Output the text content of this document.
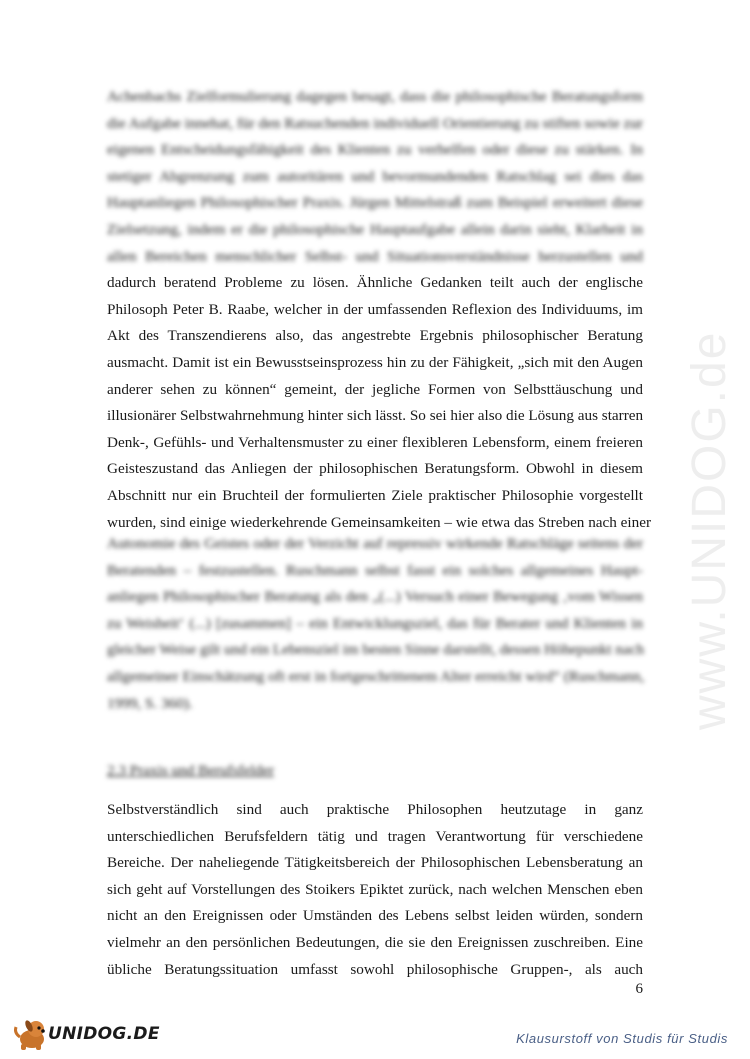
www.UNIDOG.de
Achenbachs Zielformulierung dagegen besagt, dass die philosophische Beratungsform
die Aufgabe innehat, für den Ratsuchenden individuell Orientierung zu stiften sowie zur
eigenen Entscheidungsfähigkeit des Klienten zu verhelfen oder diese zu stärken. In
stetiger Abgrenzung zum autoritären und bevormundenden Ratschlag sei dies das
Hauptanliegen Philosophischer Praxis. Jürgen Mittelstraß zum Beispiel erweitert diese
Zielsetzung, indem er die philosophische Hauptaufgabe allein darin sieht, Klarheit in
allen Bereichen menschlicher Selbst- und Situationsverständnisse herzustellen und
dadurch beratend Probleme zu lösen. Ähnliche Gedanken teilt auch der englische
Philosoph Peter B. Raabe, welcher in der umfassenden Reflexion des Individuums, im
Akt des Transzendierens also, das angestrebte Ergebnis philosophischer Beratung
ausmacht. Damit ist ein Bewusstseinsprozess hin zu der Fähigkeit, „sich mit den Augen
anderer sehen zu können“ gemeint, der jegliche Formen von Selbsttäuschung und
illusionärer Selbstwahrnehmung hinter sich lässt. So sei hier also die Lösung aus starren
Denk-, Gefühls- und Verhaltensmuster zu einer flexibleren Lebensform, einem freieren
Geisteszustand das Anliegen der philosophischen Beratungsform. Obwohl in diesem
Abschnitt nur ein Bruchteil der formulierten Ziele praktischer Philosophie vorgestellt
wurden, sind einige wiederkehrende Gemeinsamkeiten – wie etwa das Streben nach einer
Autonomie des Geistes oder der Verzicht auf repressiv wirkende Ratschläge seitens der
Beratenden – festzustellen. Ruschmann selbst fasst ein solches allgemeines Haupt-
anliegen Philosophischer Beratung als den „(...) Versuch einer Bewegung ‚vom Wissen
zu Weisheit‘ (...) [zusammen] – ein Entwicklungsziel, das für Berater und Klienten in
gleicher Weise gilt und ein Lebensziel im besten Sinne darstellt, dessen Höhepunkt nach
allgemeiner Einschätzung oft erst in fortgeschrittenem Alter erreicht wird“ (Ruschmann,
1999, S. 360).
2.3 Praxis und Berufsfelder
Selbstverständlich sind auch praktische Philosophen heutzutage in ganz
unterschiedlichen Berufsfeldern tätig und tragen Verantwortung für verschiedene
Bereiche. Der naheliegende Tätigkeitsbereich der Philosophischen Lebensberatung an
sich geht auf Vorstellungen des Stoikers Epiktet zurück, nach welchen Menschen eben
nicht an den Ereignissen oder Umständen des Lebens selbst leiden würden, sondern
vielmehr an den persönlichen Bedeutungen, die sie den Ereignissen zuschreiben. Eine
übliche Beratungssituation umfasst sowohl philosophische Gruppen-, als auch
6
UNIDOG.DE	Klausurstoff von Studis für Studis
